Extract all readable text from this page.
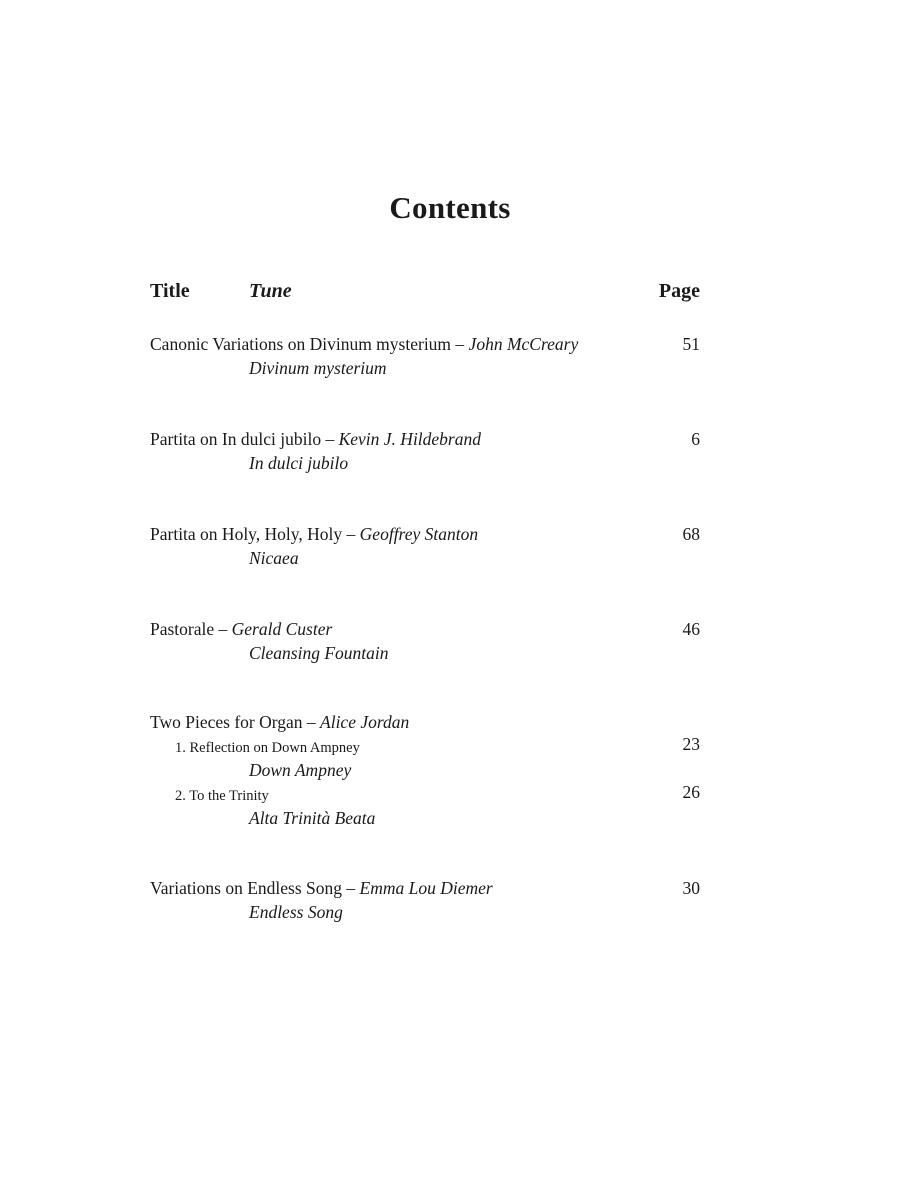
Contents
Title	Tune	Page
Canonic Variations on Divinum mysterium – John McCreary	51
Divinum mysterium
Partita on In dulci jubilo – Kevin J. Hildebrand	6
In dulci jubilo
Partita on Holy, Holy, Holy – Geoffrey Stanton	68
Nicaea
Pastorale – Gerald Custer	46
Cleansing Fountain
Two Pieces for Organ – Alice Jordan
1. Reflection on Down Ampney	23
Down Ampney
2. To the Trinity	26
Alta Trinità Beata
Variations on Endless Song – Emma Lou Diemer	30
Endless Song
